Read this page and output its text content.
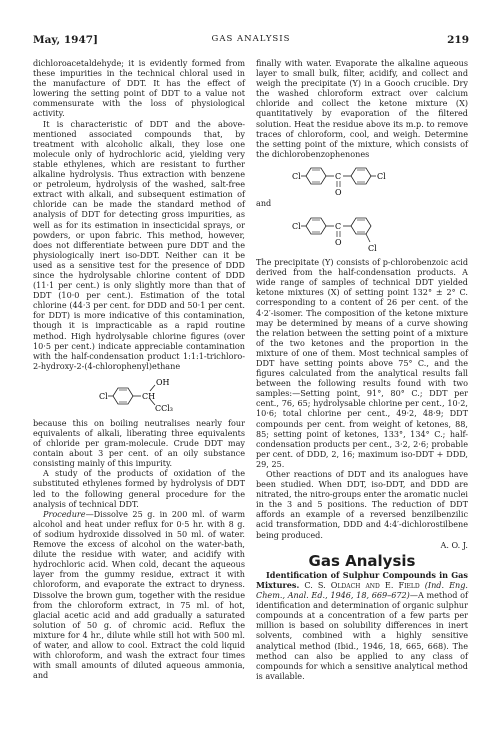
May, 1947]	GAS ANALYSIS	219

dichloroacetaldehyde; it is evidently formed from these impurities in the technical chloral used in the manufacture of DDT. It has the effect of lowering the setting point of DDT to a value not commensurate with the loss of physiological activity.

It is characteristic of DDT and the above-mentioned associated compounds that, by treatment with alcoholic alkali, they lose one molecule only of hydrochloric acid, yielding very stable ethylenes, which are resistant to further alkaline hydrolysis. Thus extraction with benzene or petroleum, hydrolysis of the washed, salt-free extract with alkali, and subsequent estimation of chloride can be made the standard method of analysis of DDT for detecting gross impurities, as well as for its estimation in insecticidal sprays, or powders, or upon fabric. This method, however, does not differentiate between pure DDT and the physiologically inert iso-DDT. Neither can it be used as a sensitive test for the presence of DDD since the hydrolysable chlorine content of DDD (11·1 per cent.) is only slightly more than that of DDT (10·0 per cent.). Estimation of the total chlorine (44·3 per cent. for DDD and 50·1 per cent. for DDT) is more indicative of this contamination, though it is impracticable as a rapid routine method. High hydrolysable chlorine figures (over 10·5 per cent.) indicate appreciable contamination with the half-condensation product 1:1:1-trichloro-2-hydroxy-2-(4-chlorophenyl)ethane

Cl	CH
OH
CCl₃

because this on boiling neutralises nearly four equivalents of alkali, liberating three equivalents of chloride per gram-molecule. Crude DDT may contain about 3 per cent. of an oily substance consisting mainly of this impurity.

A study of the products of oxidation of the substituted ethylenes formed by hydrolysis of DDT led to the following general procedure for the analysis of technical DDT.

Procedure—Dissolve 25 g. in 200 ml. of warm alcohol and heat under reflux for 0·5 hr. with 8 g. of sodium hydroxide dissolved in 50 ml. of water. Remove the excess of alcohol on the water-bath, dilute the residue with water, and acidify with hydrochloric acid. When cold, decant the aqueous layer from the gummy residue, extract it with chloroform, and evaporate the extract to dryness. Dissolve the brown gum, together with the residue from the chloroform extract, in 75 ml. of hot, glacial acetic acid and add gradually a saturated solution of 50 g. of chromic acid. Reflux the mixture for 4 hr., dilute while still hot with 500 ml. of water, and allow to cool. Extract the cold liquid with chloroform, and wash the extract four times with small amounts of diluted aqueous ammonia, and

finally with water. Evaporate the alkaline aqueous layer to small bulk, filter, acidify, and collect and weigh the precipitate (Y) in a Gooch crucible. Dry the washed chloroform extract over calcium chloride and collect the ketone mixture (X) quantitatively by evaporation of the filtered solution. Heat the residue above its m.p. to remove traces of chloroform, cool, and weigh. Determine the setting point of the mixture, which consists of the dichlorobenzophenones

Cl	C
O
Cl

and

Cl	C
O
Cl

The precipitate (Y) consists of p-chlorobenzoic acid derived from the half-condensation products. A wide range of samples of technical DDT yielded ketone mixtures (X) of setting point 132° ± 2° C. corresponding to a content of 26 per cent. of the 4·2′-isomer. The composition of the ketone mixture may be determined by means of a curve showing the relation between the setting point of a mixture of the two ketones and the proportion in the mixture of one of them. Most technical samples of DDT have setting points above 75° C., and the figures calculated from the analytical results fall between the following results found with two samples:—Setting point, 91°, 80° C.; DDT per cent., 76, 65; hydrolysable chlorine per cent., 10·2, 10·6; total chlorine per cent., 49·2, 48·9; DDT compounds per cent. from weight of ketones, 88, 85; setting point of ketones, 133°, 134° C.; half-condensation products per cent., 3·2, 2·6; probable per cent. of DDD, 2, 16; maximum iso-DDT + DDD, 29, 25.

Other reactions of DDT and its analogues have been studied. When DDT, iso-DDT, and DDD are nitrated, the nitro-groups enter the aromatic nuclei in the 3 and 5 positions. The reduction of DDT affords an example of a reversed benzilbenzilic acid transformation, DDD and 4:4′-dichlorostilbene being produced.

A. O. J.

Gas Analysis

Identification of Sulphur Compounds in Gas Mixtures. C. S. Oldach and E. Field (Ind. Eng. Chem., Anal. Ed., 1946, 18, 669–672)—A method of identification and determination of organic sulphur compounds at a concentration of a few parts per million is based on solubility differences in inert solvents, combined with a highly sensitive analytical method (Ibid., 1946, 18, 665, 668). The method can also be applied to any class of compounds for which a sensitive analytical method is available.
